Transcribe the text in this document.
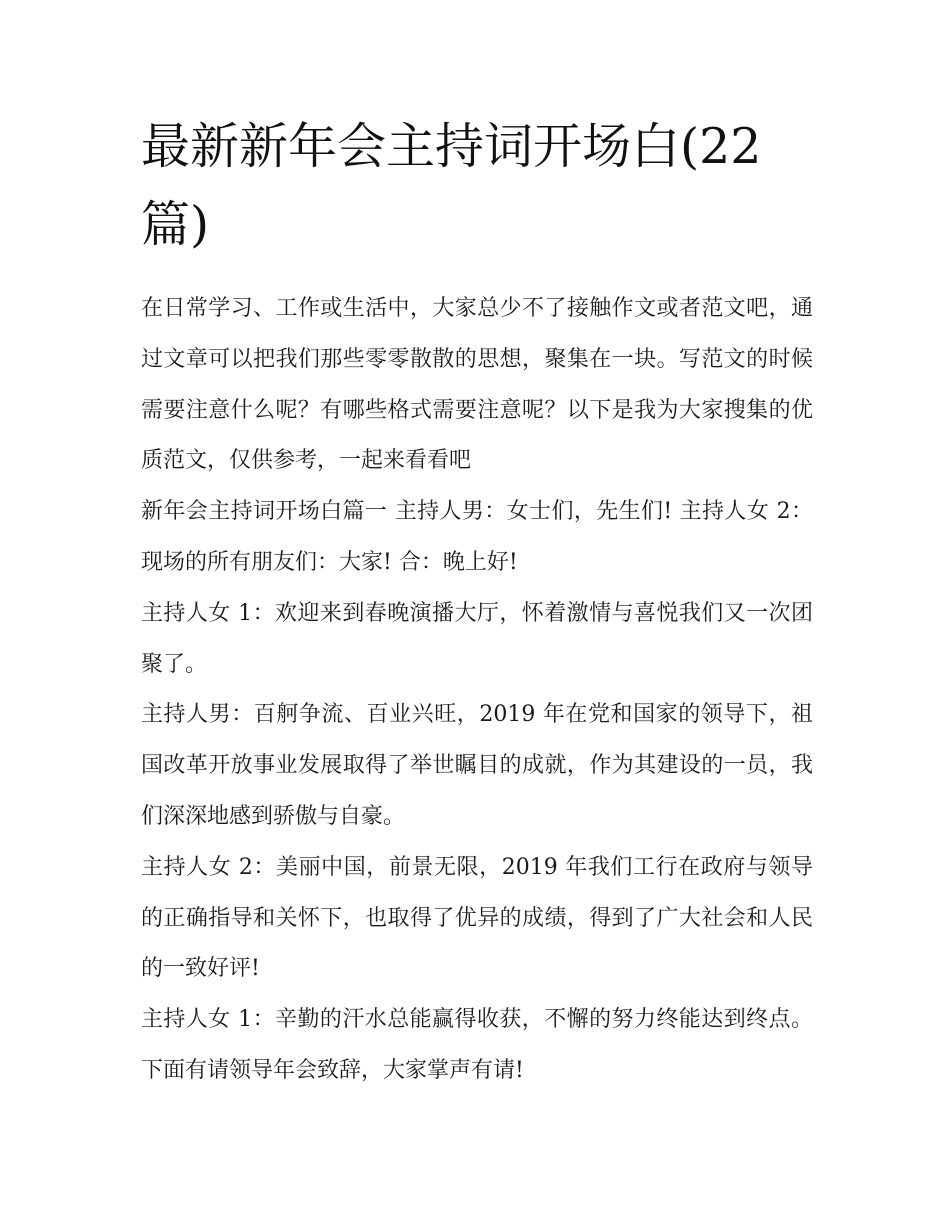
最新新年会主持词开场白(22篇)

在日常学习、工作或生活中，大家总少不了接触作文或者范文吧，通过文章可以把我们那些零零散散的思想，聚集在一块。写范文的时候需要注意什么呢？有哪些格式需要注意呢？以下是我为大家搜集的优质范文，仅供参考，一起来看看吧

新年会主持词开场白篇一 主持人男：女士们，先生们! 主持人女 2：现场的所有朋友们：大家! 合：晚上好!

主持人女 1：欢迎来到春晚演播大厅，怀着激情与喜悦我们又一次团聚了。

主持人男：百舸争流、百业兴旺，2019 年在党和国家的领导下，祖国改革开放事业发展取得了举世瞩目的成就，作为其建设的一员，我们深深地感到骄傲与自豪。

主持人女 2：美丽中国，前景无限，2019 年我们工行在政府与领导的正确指导和关怀下，也取得了优异的成绩，得到了广大社会和人民的一致好评!

主持人女 1：辛勤的汗水总能赢得收获，不懈的努力终能达到终点。下面有请领导年会致辞，大家掌声有请!
